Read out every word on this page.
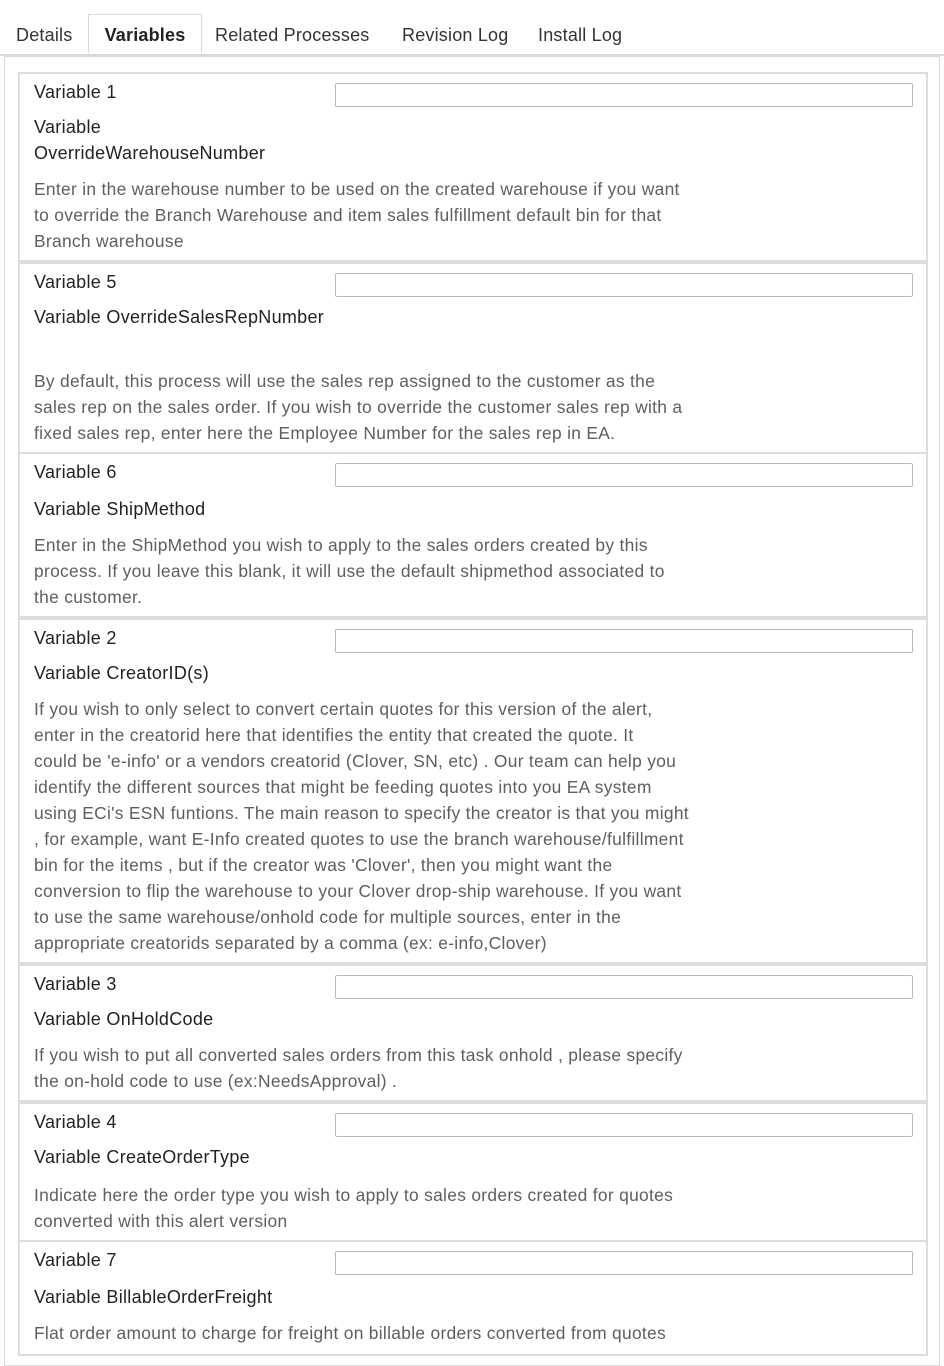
Details	Variables	Related Processes Revision Log Install Log
Variable 1
Variable OverrideWarehouseNumber
Enter in the warehouse number to be used on the created warehouse if you want
to override the Branch Warehouse and item sales fulfillment default bin for that
Branch warehouse
Variable 5
Variable OverrideSalesRepNumber
By default, this process will use the sales rep assigned to the customer as the
sales rep on the sales order. If you wish to override the customer sales rep with a
fixed sales rep, enter here the Employee Number for the sales rep in EA.
Variable 6
Variable ShipMethod
Enter in the ShipMethod you wish to apply to the sales orders created by this
process. If you leave this blank, it will use the default shipmethod associated to
the customer.
Variable 2
Variable CreatorID(s)
If you wish to only select to convert certain quotes for this version of the alert,
enter in the creatorid here that identifies the entity that created the quote. It
could be 'e-info' or a vendors creatorid (Clover, SN, etc) . Our team can help you
identify the different sources that might be feeding quotes into you EA system
using ECi's ESN funtions. The main reason to specify the creator is that you might
, for example, want E-Info created quotes to use the branch warehouse/fulfillment
bin for the items , but if the creator was 'Clover', then you might want the
conversion to flip the warehouse to your Clover drop-ship warehouse. If you want
to use the same warehouse/onhold code for multiple sources, enter in the
appropriate creatorids separated by a comma (ex: e-info,Clover)
Variable 3
Variable OnHoldCode
If you wish to put all converted sales orders from this task onhold , please specify
the on-hold code to use (ex:NeedsApproval) .
Variable 4
Variable CreateOrderType
Indicate here the order type you wish to apply to sales orders created for quotes
converted with this alert version
Variable 7
Variable BillableOrderFreight
Flat order amount to charge for freight on billable orders converted from quotes
